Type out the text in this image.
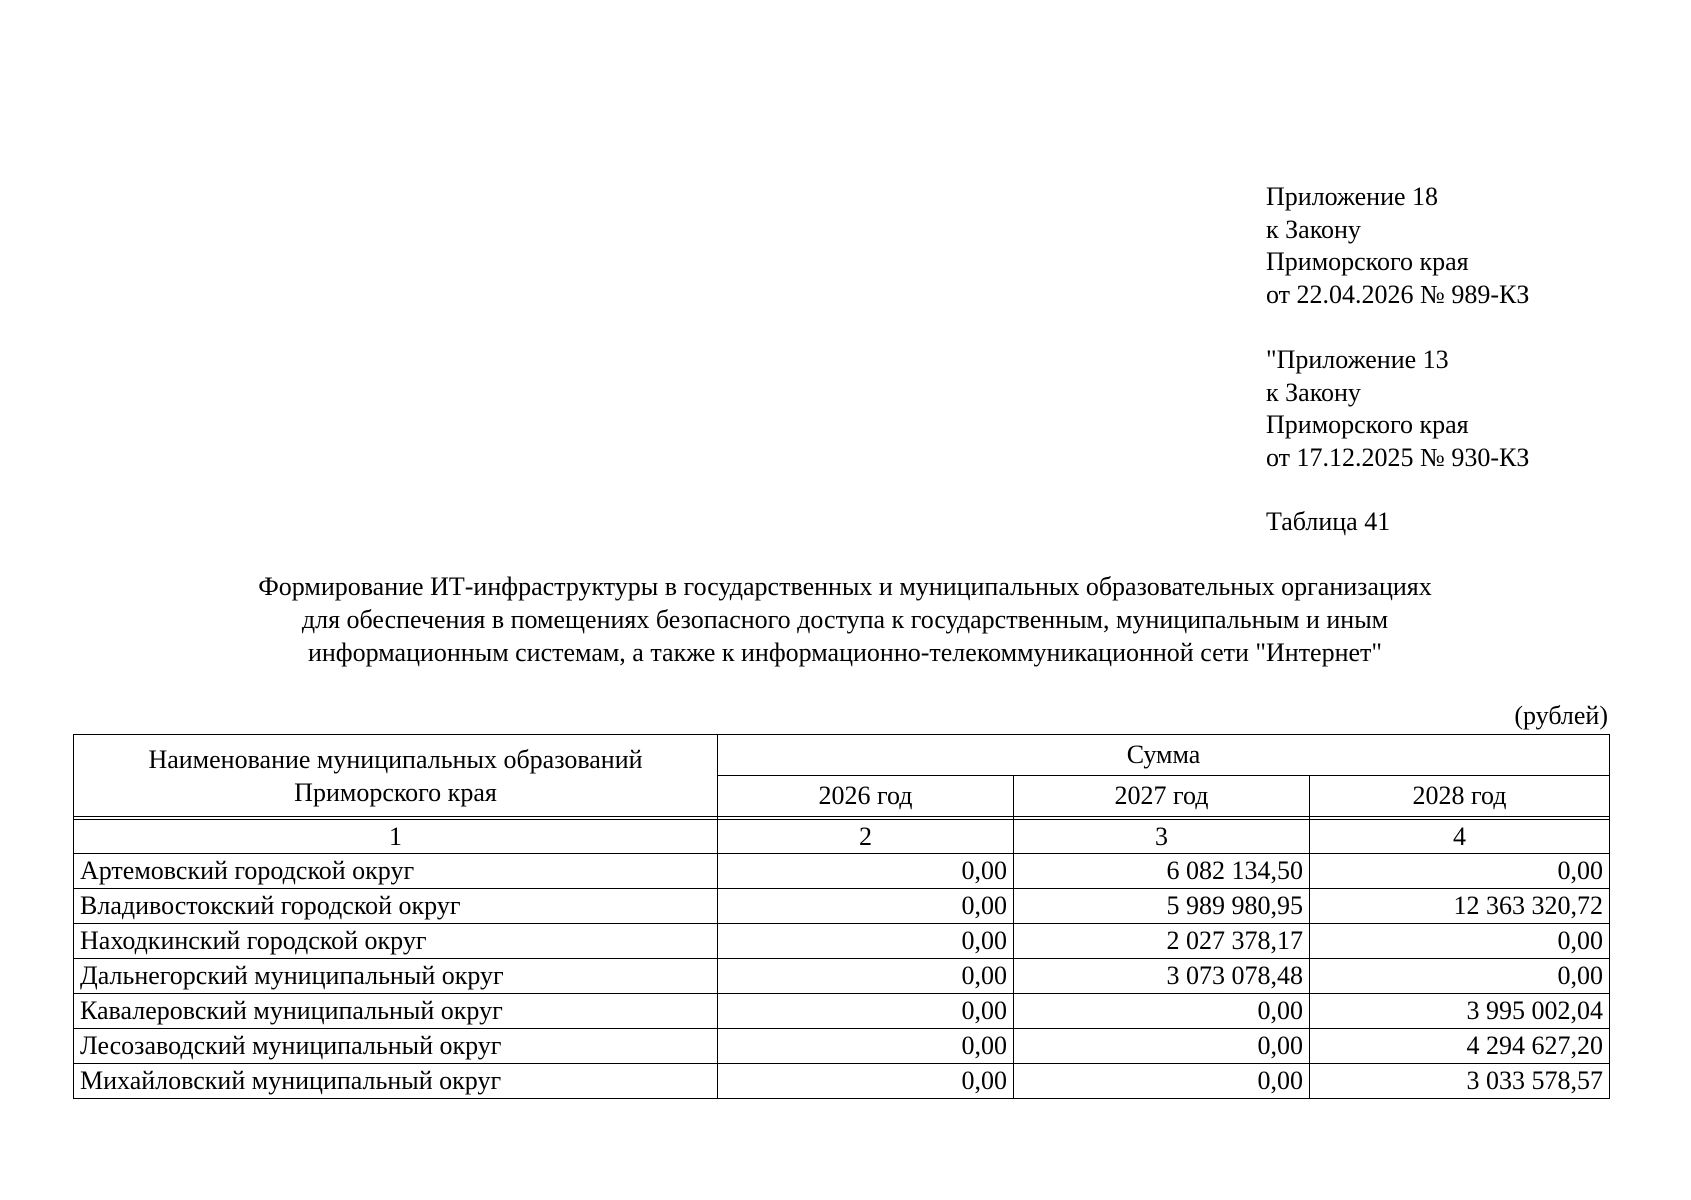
Приложение 18
к Закону
Приморского края
от 22.04.2026 № 989-КЗ
"Приложение 13
к Закону
Приморского края
от 17.12.2025 № 930-КЗ
Таблица 41
Формирование ИТ-инфраструктуры в государственных и муниципальных образовательных организациях
для обеспечения в помещениях безопасного доступа к государственным, муниципальным и иным
информационным системам, а также к информационно-телекоммуникационной сети "Интернет"
(рублей)
Наименование муниципальных образований
Приморского края	Сумма		
	2026 год	2027 год	2028 год

1	2	3	4
Артемовский городской округ	0,00	6 082 134,50	0,00
Владивостокский городской округ	0,00	5 989 980,95	12 363 320,72
Находкинский городской округ	0,00	2 027 378,17	0,00
Дальнегорский муниципальный округ	0,00	3 073 078,48	0,00
Кавалеровский муниципальный округ	0,00	0,00	3 995 002,04
Лесозаводский муниципальный округ	0,00	0,00	4 294 627,20
Михайловский муниципальный округ	0,00	0,00	3 033 578,57
